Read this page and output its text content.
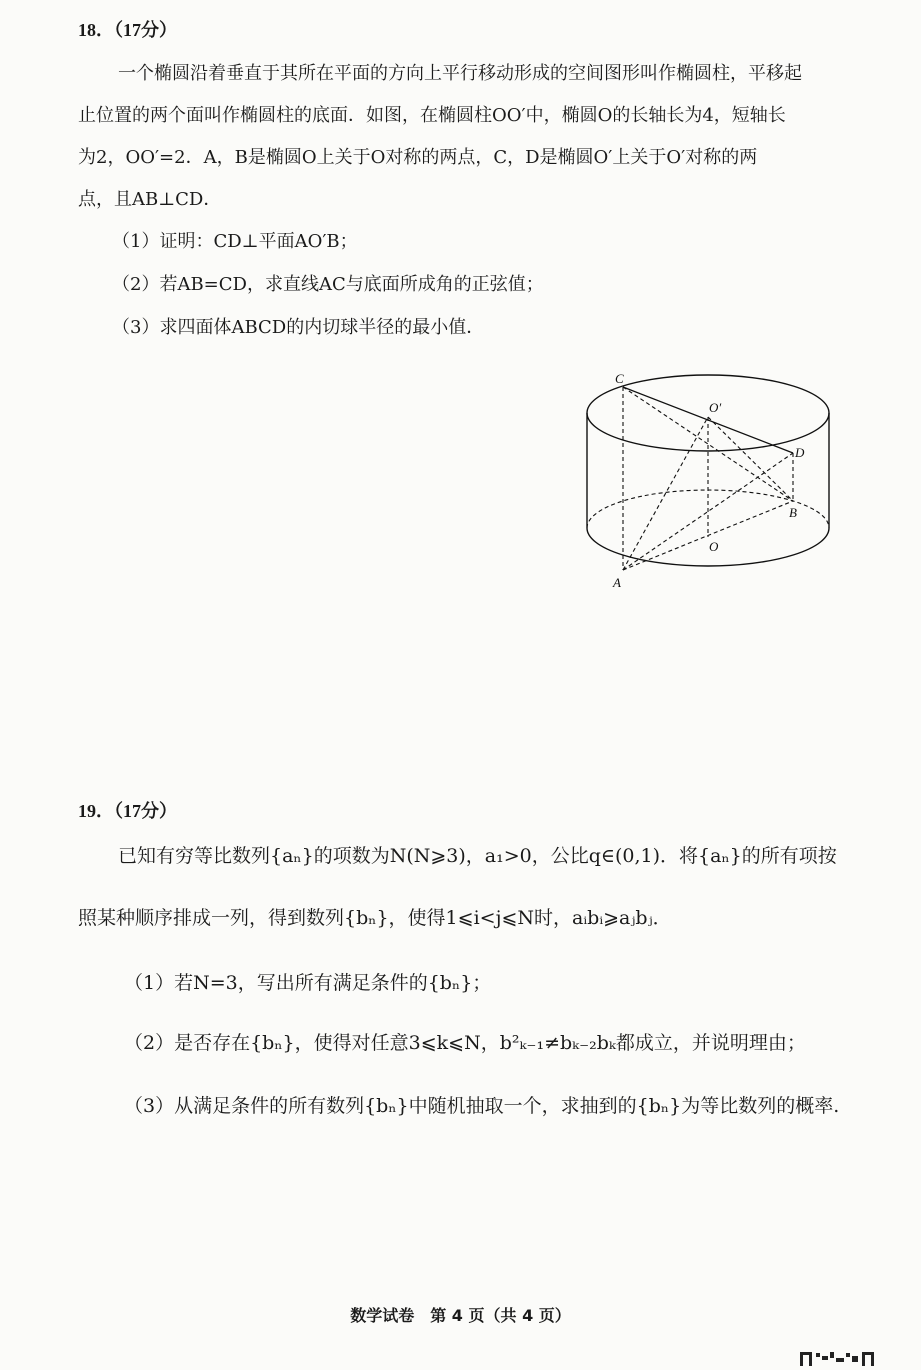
18．（17分）
一个椭圆沿着垂直于其所在平面的方向上平行移动形成的空间图形叫作椭圆柱，平移起
止位置的两个面叫作椭圆柱的底面．如图，在椭圆柱OO′中，椭圆O的长轴长为4，短轴长
为2，OO′=2．A，B是椭圆O上关于O对称的两点，C，D是椭圆O′上关于O′对称的两
点，且AB⊥CD．
（1）证明：CD⊥平面AO′B；
（2）若AB=CD，求直线AC与底面所成角的正弦值；
（3）求四面体ABCD的内切球半径的最小值．
C
O′
D
B
O
A
19．（17分）
已知有穷等比数列{aₙ}的项数为N(N⩾3)，a₁>0，公比q∈(0,1)．将{aₙ}的所有项按
照某种顺序排成一列，得到数列{bₙ}，使得1⩽i<j⩽N时，aᵢbᵢ⩾aⱼbⱼ．
（1）若N=3，写出所有满足条件的{bₙ}；
（2）是否存在{bₙ}，使得对任意3⩽k⩽N，b²ₖ₋₁≠bₖ₋₂bₖ都成立，并说明理由；
（3）从满足条件的所有数列{bₙ}中随机抽取一个，求抽到的{bₙ}为等比数列的概率.
数学试卷　第 4 页（共 4 页）
